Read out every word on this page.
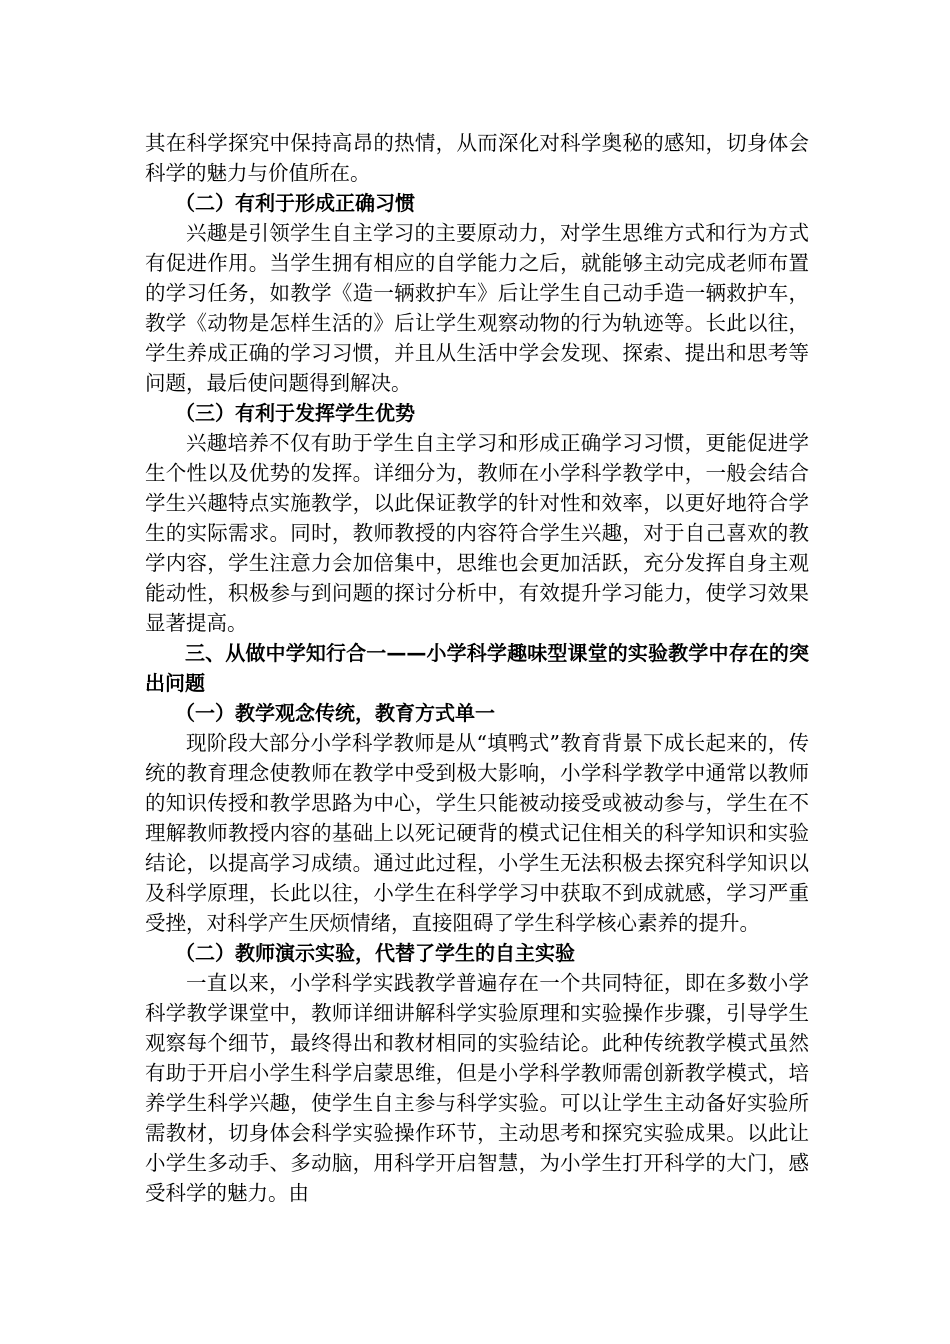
其在科学探究中保持高昂的热情，从而深化对科学奥秘的感知，切身体会科学的魅力与价值所在。

（二）有利于形成正确习惯

兴趣是引领学生自主学习的主要原动力，对学生思维方式和行为方式有促进作用。当学生拥有相应的自学能力之后，就能够主动完成老师布置的学习任务，如教学《造一辆救护车》后让学生自己动手造一辆救护车，教学《动物是怎样生活的》后让学生观察动物的行为轨迹等。长此以往，学生养成正确的学习习惯，并且从生活中学会发现、探索、提出和思考等问题，最后使问题得到解决。

（三）有利于发挥学生优势

兴趣培养不仅有助于学生自主学习和形成正确学习习惯，更能促进学生个性以及优势的发挥。详细分为，教师在小学科学教学中，一般会结合学生兴趣特点实施教学，以此保证教学的针对性和效率，以更好地符合学生的实际需求。同时，教师教授的内容符合学生兴趣，对于自己喜欢的教学内容，学生注意力会加倍集中，思维也会更加活跃，充分发挥自身主观能动性，积极参与到问题的探讨分析中，有效提升学习能力，使学习效果显著提高。

三、从做中学知行合一——小学科学趣味型课堂的实验教学中存在的突出问题

（一）教学观念传统，教育方式单一

现阶段大部分小学科学教师是从“填鸭式”教育背景下成长起来的，传统的教育理念使教师在教学中受到极大影响，小学科学教学中通常以教师的知识传授和教学思路为中心，学生只能被动接受或被动参与，学生在不理解教师教授内容的基础上以死记硬背的模式记住相关的科学知识和实验结论，以提高学习成绩。通过此过程，小学生无法积极去探究科学知识以及科学原理，长此以往，小学生在科学学习中获取不到成就感，学习严重受挫，对科学产生厌烦情绪，直接阻碍了学生科学核心素养的提升。

（二）教师演示实验，代替了学生的自主实验

一直以来，小学科学实践教学普遍存在一个共同特征，即在多数小学科学教学课堂中，教师详细讲解科学实验原理和实验操作步骤，引导学生观察每个细节，最终得出和教材相同的实验结论。此种传统教学模式虽然有助于开启小学生科学启蒙思维，但是小学科学教师需创新教学模式，培养学生科学兴趣，使学生自主参与科学实验。可以让学生主动备好实验所需教材，切身体会科学实验操作环节，主动思考和探究实验成果。以此让小学生多动手、多动脑，用科学开启智慧，为小学生打开科学的大门，感受科学的魅力。由
